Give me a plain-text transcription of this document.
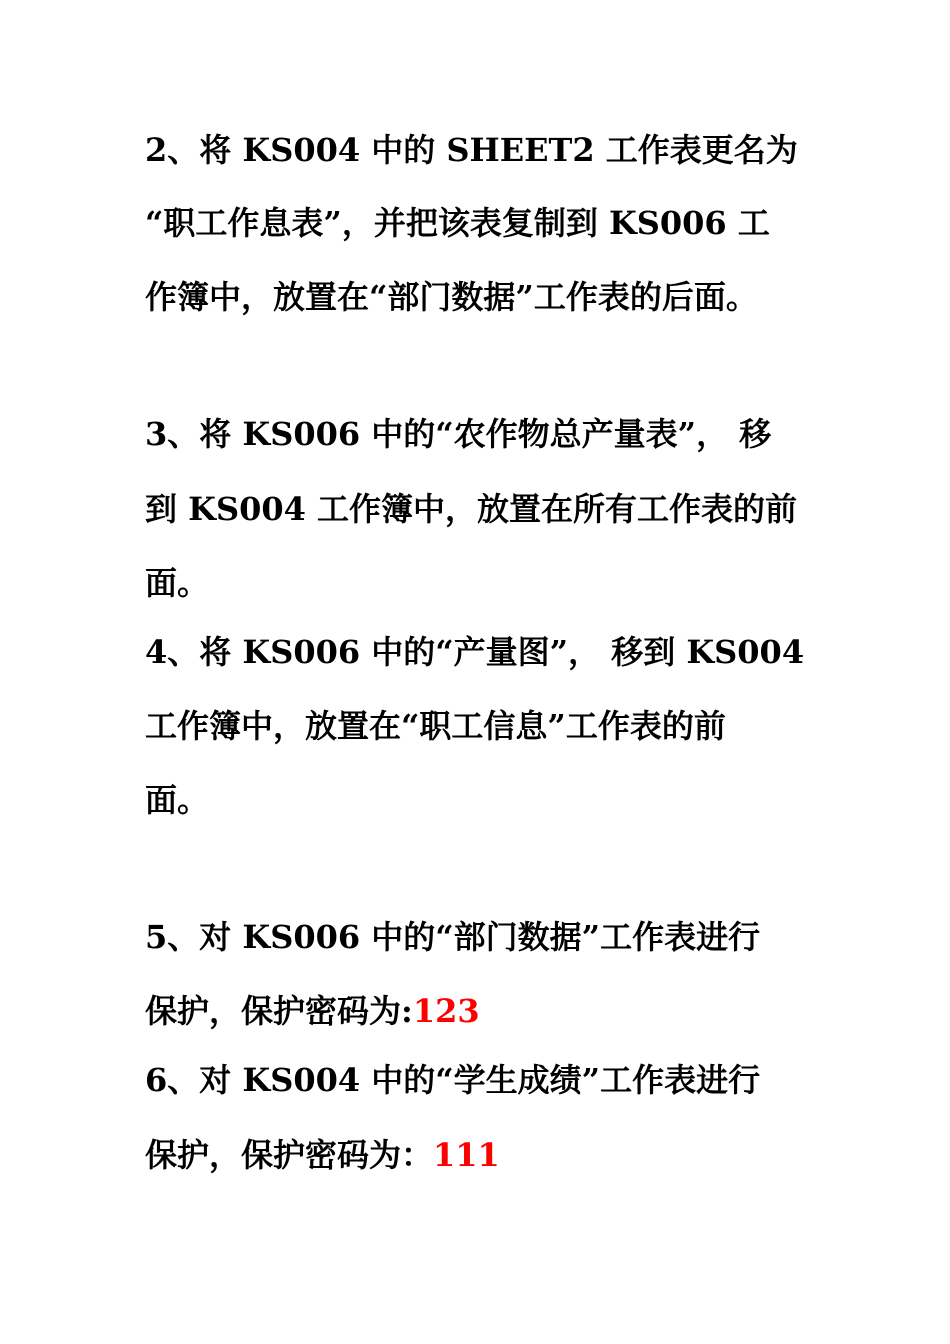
2、将 KS004 中的 SHEET2 工作表更名为
“职工作息表”，并把该表复制到 KS006 工
作簿中，放置在“部门数据”工作表的后面。
3、将 KS006 中的“农作物总产量表”， 移
到 KS004 工作簿中，放置在所有工作表的前
面。
4、将 KS006 中的“产量图”， 移到 KS004
工作簿中，放置在“职工信息”工作表的前
面。
5、对 KS006 中的“部门数据”工作表进行
保护，保护密码为:123
6、对 KS004 中的“学生成绩”工作表进行
保护，保护密码为：111
